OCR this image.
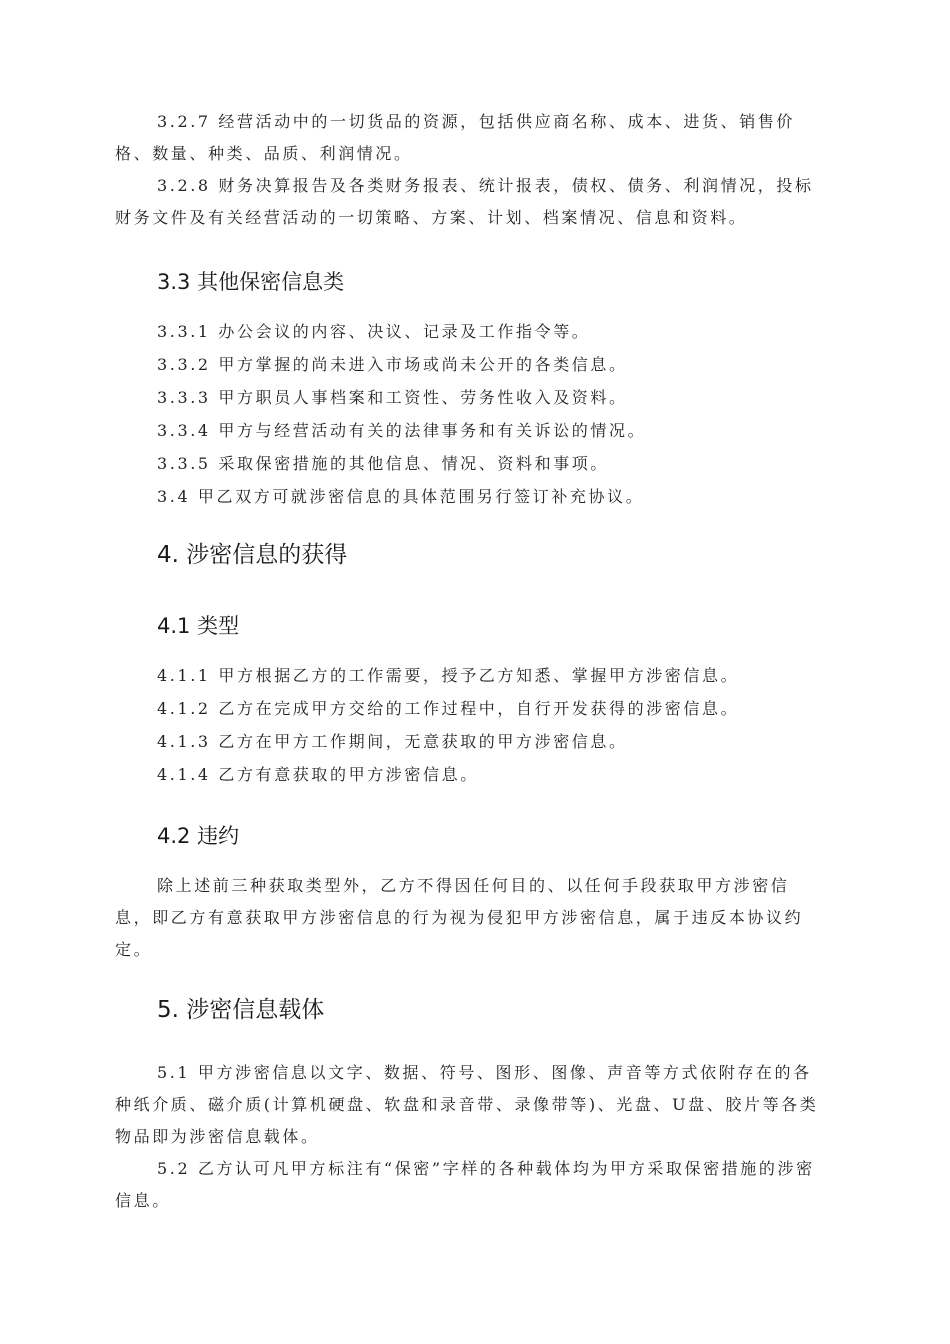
3.2.7 经营活动中的一切货品的资源，包括供应商名称、成本、进货、销售价格、数量、种类、品质、利润情况。

3.2.8 财务决算报告及各类财务报表、统计报表，债权、债务、利润情况，投标财务文件及有关经营活动的一切策略、方案、计划、档案情况、信息和资料。

3.3 其他保密信息类

3.3.1 办公会议的内容、决议、记录及工作指令等。

3.3.2 甲方掌握的尚未进入市场或尚未公开的各类信息。

3.3.3 甲方职员人事档案和工资性、劳务性收入及资料。

3.3.4 甲方与经营活动有关的法律事务和有关诉讼的情况。

3.3.5 采取保密措施的其他信息、情况、资料和事项。

3.4 甲乙双方可就涉密信息的具体范围另行签订补充协议。

4. 涉密信息的获得
4.1 类型

4.1.1 甲方根据乙方的工作需要，授予乙方知悉、掌握甲方涉密信息。

4.1.2 乙方在完成甲方交给的工作过程中，自行开发获得的涉密信息。

4.1.3 乙方在甲方工作期间，无意获取的甲方涉密信息。

4.1.4 乙方有意获取的甲方涉密信息。

4.2 违约

除上述前三种获取类型外，乙方不得因任何目的、以任何手段获取甲方涉密信息，即乙方有意获取甲方涉密信息的行为视为侵犯甲方涉密信息，属于违反本协议约定。

5. 涉密信息载体

5.1 甲方涉密信息以文字、数据、符号、图形、图像、声音等方式依附存在的各种纸介质、磁介质(计算机硬盘、软盘和录音带、录像带等)、光盘、U盘、胶片等各类物品即为涉密信息载体。

5.2 乙方认可凡甲方标注有“保密”字样的各种载体均为甲方采取保密措施的涉密信息。
